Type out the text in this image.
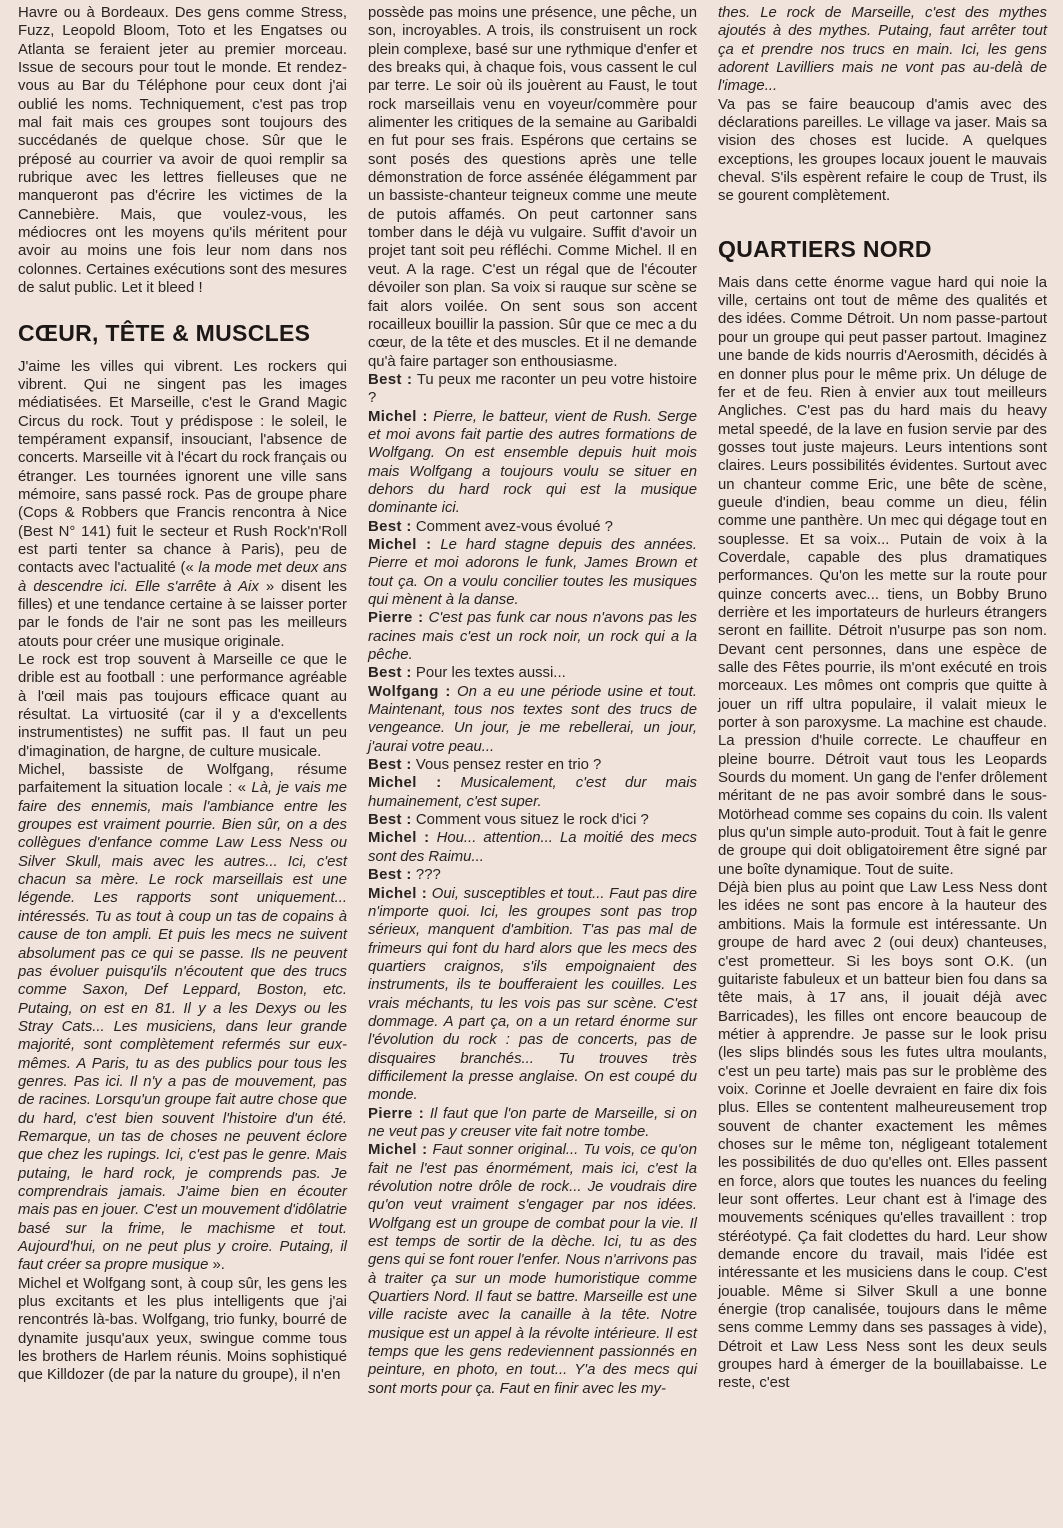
Havre ou à Bordeaux. Des gens comme Stress, Fuzz, Leopold Bloom, Toto et les Engatses ou Atlanta se feraient jeter au premier morceau. Issue de secours pour tout le monde. Et rendez-vous au Bar du Téléphone pour ceux dont j'ai oublié les noms. Techniquement, c'est pas trop mal fait mais ces groupes sont toujours des succédanés de quelque chose. Sûr que le préposé au courrier va avoir de quoi remplir sa rubrique avec les lettres fielleuses que ne manqueront pas d'écrire les victimes de la Cannebière. Mais, que voulez-vous, les médiocres ont les moyens qu'ils méritent pour avoir au moins une fois leur nom dans nos colonnes. Certaines exécutions sont des mesures de salut public. Let it bleed !

CŒUR, TÊTE & MUSCLES

J'aime les villes qui vibrent. Les rockers qui vibrent. Qui ne singent pas les images médiatisées. Et Marseille, c'est le Grand Magic Circus du rock. Tout y prédispose : le soleil, le tempérament expansif, insouciant, l'absence de concerts. Marseille vit à l'écart du rock français ou étranger. Les tournées ignorent une ville sans mémoire, sans passé rock. Pas de groupe phare (Cops & Robbers que Francis rencontra à Nice (Best N° 141) fuit le secteur et Rush Rock'n'Roll est parti tenter sa chance à Paris), peu de contacts avec l'actualité (« la mode met deux ans à descendre ici. Elle s'arrête à Aix » disent les filles) et une tendance certaine à se laisser porter par le fonds de l'air ne sont pas les meilleurs atouts pour créer une musique originale.

Le rock est trop souvent à Marseille ce que le drible est au football : une performance agréable à l'œil mais pas toujours efficace quant au résultat. La virtuosité (car il y a d'excellents instrumentistes) ne suffit pas. Il faut un peu d'imagination, de hargne, de culture musicale.

Michel, bassiste de Wolfgang, résume parfaitement la situation locale : « Là, je vais me faire des ennemis, mais l'ambiance entre les groupes est vraiment pourrie. Bien sûr, on a des collègues d'enfance comme Law Less Ness ou Silver Skull, mais avec les autres... Ici, c'est chacun sa mère. Le rock marseillais est une légende. Les rapports sont uniquement... intéressés. Tu as tout à coup un tas de copains à cause de ton ampli. Et puis les mecs ne suivent absolument pas ce qui se passe. Ils ne peuvent pas évoluer puisqu'ils n'écoutent que des trucs comme Saxon, Def Leppard, Boston, etc. Putaing, on est en 81. Il y a les Dexys ou les Stray Cats... Les musiciens, dans leur grande majorité, sont complètement refermés sur eux-mêmes. A Paris, tu as des publics pour tous les genres. Pas ici. Il n'y a pas de mouvement, pas de racines. Lorsqu'un groupe fait autre chose que du hard, c'est bien souvent l'histoire d'un été. Remarque, un tas de choses ne peuvent éclore que chez les rupings. Ici, c'est pas le genre. Mais putaing, le hard rock, je comprends pas. Je comprendrais jamais. J'aime bien en écouter mais pas en jouer. C'est un mouvement d'idôlatrie basé sur la frime, le machisme et tout. Aujourd'hui, on ne peut plus y croire. Putaing, il faut créer sa propre musique ».

Michel et Wolfgang sont, à coup sûr, les gens les plus excitants et les plus intelligents que j'ai rencontrés là-bas. Wolfgang, trio funky, bourré de dynamite jusqu'aux yeux, swingue comme tous les brothers de Harlem réunis. Moins sophistiqué que Killdozer (de par la nature du groupe), il n'en

possède pas moins une présence, une pêche, un son, incroyables. A trois, ils construisent un rock plein complexe, basé sur une rythmique d'enfer et des breaks qui, à chaque fois, vous cassent le cul par terre. Le soir où ils jouèrent au Faust, le tout rock marseillais venu en voyeur/commère pour alimenter les critiques de la semaine au Garibaldi en fut pour ses frais. Espérons que certains se sont posés des questions après une telle démonstration de force assénée élégamment par un bassiste-chanteur teigneux comme une meute de putois affamés. On peut cartonner sans tomber dans le déjà vu vulgaire. Suffit d'avoir un projet tant soit peu réfléchi. Comme Michel. Il en veut. A la rage. C'est un régal que de l'écouter dévoiler son plan. Sa voix si rauque sur scène se fait alors voilée. On sent sous son accent rocailleux bouillir la passion. Sûr que ce mec a du cœur, de la tête et des muscles. Et il ne demande qu'à faire partager son enthousiasme.

Best : Tu peux me raconter un peu votre histoire ?

Michel : Pierre, le batteur, vient de Rush. Serge et moi avons fait partie des autres formations de Wolfgang. On est ensemble depuis huit mois mais Wolfgang a toujours voulu se situer en dehors du hard rock qui est la musique dominante ici.

Best : Comment avez-vous évolué ?

Michel : Le hard stagne depuis des années. Pierre et moi adorons le funk, James Brown et tout ça. On a voulu concilier toutes les musiques qui mènent à la danse.

Pierre : C'est pas funk car nous n'avons pas les racines mais c'est un rock noir, un rock qui a la pêche.

Best : Pour les textes aussi...

Wolfgang : On a eu une période usine et tout. Maintenant, tous nos textes sont des trucs de vengeance. Un jour, je me rebellerai, un jour, j'aurai votre peau...

Best : Vous pensez rester en trio ?

Michel : Musicalement, c'est dur mais humainement, c'est super.

Best : Comment vous situez le rock d'ici ?

Michel : Hou... attention... La moitié des mecs sont des Raimu...

Best : ???

Michel : Oui, susceptibles et tout... Faut pas dire n'importe quoi. Ici, les groupes sont pas trop sérieux, manquent d'ambition. T'as pas mal de frimeurs qui font du hard alors que les mecs des quartiers craignos, s'ils empoignaient des instruments, ils te boufferaient les couilles. Les vrais méchants, tu les vois pas sur scène. C'est dommage. A part ça, on a un retard énorme sur l'évolution du rock : pas de concerts, pas de disquaires branchés... Tu trouves très difficilement la presse anglaise. On est coupé du monde.

Pierre : Il faut que l'on parte de Marseille, si on ne veut pas y creuser vite fait notre tombe.

Michel : Faut sonner original... Tu vois, ce qu'on fait ne l'est pas énormément, mais ici, c'est la révolution notre drôle de rock... Je voudrais dire qu'on veut vraiment s'engager par nos idées. Wolfgang est un groupe de combat pour la vie. Il est temps de sortir de la dèche. Ici, tu as des gens qui se font rouer l'enfer. Nous n'arrivons pas à traiter ça sur un mode humoristique comme Quartiers Nord. Il faut se battre. Marseille est une ville raciste avec la canaille à la tête. Notre musique est un appel à la révolte intérieure. Il est temps que les gens redeviennent passionnés en peinture, en photo, en tout... Y'a des mecs qui sont morts pour ça. Faut en finir avec les my-

thes. Le rock de Marseille, c'est des mythes ajoutés à des mythes. Putaing, faut arrêter tout ça et prendre nos trucs en main. Ici, les gens adorent Lavilliers mais ne vont pas au-delà de l'image...

Va pas se faire beaucoup d'amis avec des déclarations pareilles. Le village va jaser. Mais sa vision des choses est lucide. A quelques exceptions, les groupes locaux jouent le mauvais cheval. S'ils espèrent refaire le coup de Trust, ils se gourent complètement.

QUARTIERS NORD

Mais dans cette énorme vague hard qui noie la ville, certains ont tout de même des qualités et des idées. Comme Détroit. Un nom passe-partout pour un groupe qui peut passer partout. Imaginez une bande de kids nourris d'Aerosmith, décidés à en donner plus pour le même prix. Un déluge de fer et de feu. Rien à envier aux tout meilleurs Angliches. C'est pas du hard mais du heavy metal speedé, de la lave en fusion servie par des gosses tout juste majeurs. Leurs intentions sont claires. Leurs possibilités évidentes. Surtout avec un chanteur comme Eric, une bête de scène, gueule d'indien, beau comme un dieu, félin comme une panthère. Un mec qui dégage tout en souplesse. Et sa voix... Putain de voix à la Coverdale, capable des plus dramatiques performances. Qu'on les mette sur la route pour quinze concerts avec... tiens, un Bobby Bruno derrière et les importateurs de hurleurs étrangers seront en faillite. Détroit n'usurpe pas son nom. Devant cent personnes, dans une espèce de salle des Fêtes pourrie, ils m'ont exécuté en trois morceaux. Les mômes ont compris que quitte à jouer un riff ultra populaire, il valait mieux le porter à son paroxysme. La machine est chaude. La pression d'huile correcte. Le chauffeur en pleine bourre. Détroit vaut tous les Leopards Sourds du moment. Un gang de l'enfer drôlement méritant de ne pas avoir sombré dans le sous-Motörhead comme ses copains du coin. Ils valent plus qu'un simple auto-produit. Tout à fait le genre de groupe qui doit obligatoirement être signé par une boîte dynamique. Tout de suite.

Déjà bien plus au point que Law Less Ness dont les idées ne sont pas encore à la hauteur des ambitions. Mais la formule est intéressante. Un groupe de hard avec 2 (oui deux) chanteuses, c'est prometteur. Si les boys sont O.K. (un guitariste fabuleux et un batteur bien fou dans sa tête mais, à 17 ans, il jouait déjà avec Barricades), les filles ont encore beaucoup de métier à apprendre. Je passe sur le look prisu (les slips blindés sous les futes ultra moulants, c'est un peu tarte) mais pas sur le problème des voix. Corinne et Joelle devraient en faire dix fois plus. Elles se contentent malheureusement trop souvent de chanter exactement les mêmes choses sur le même ton, négligeant totalement les possibilités de duo qu'elles ont. Elles passent en force, alors que toutes les nuances du feeling leur sont offertes. Leur chant est à l'image des mouvements scéniques qu'elles travaillent : trop stéréotypé. Ça fait clodettes du hard. Leur show demande encore du travail, mais l'idée est intéressante et les musiciens dans le coup. C'est jouable. Même si Silver Skull a une bonne énergie (trop canalisée, toujours dans le même sens comme Lemmy dans ses passages à vide), Détroit et Law Less Ness sont les deux seuls groupes hard à émerger de la bouillabaisse. Le reste, c'est
